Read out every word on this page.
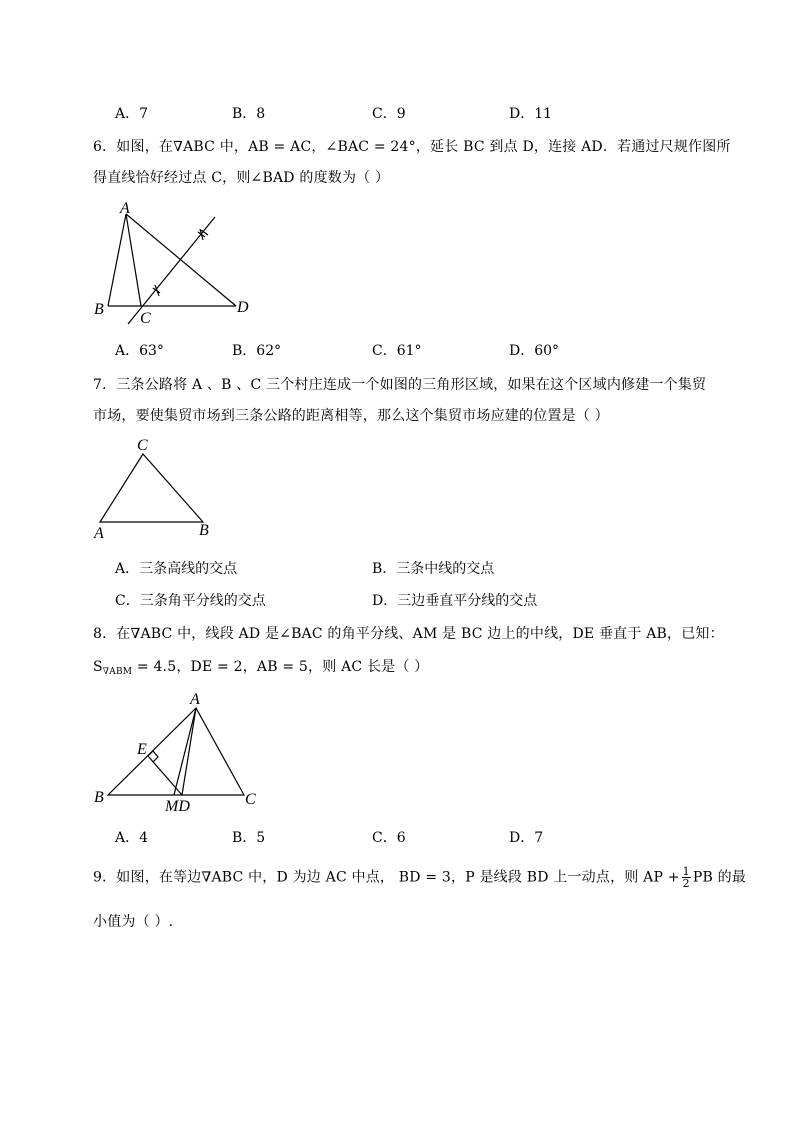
A．7	B．8	C．9	D．11
6．如图，在∇ABC 中，AB = AC，∠BAC = 24°，延长 BC 到点 D，连接 AD．若通过尺规作图所
得直线恰好经过点 C，则∠BAD 的度数为（ ）
A
B
C
D
A．63°	B．62°	C．61°	D．60°
7．三条公路将 A 、B 、C 三个村庄连成一个如图的三角形区域，如果在这个区域内修建一个集贸
市场，要使集贸市场到三条公路的距离相等，那么这个集贸市场应建的位置是（ ）
C
A	B
A．三条高线的交点	B．三条中线的交点
C．三条角平分线的交点	D．三边垂直平分线的交点
8．在∇ABC 中，线段 AD 是∠BAC 的角平分线、AM 是 BC 边上的中线，DE 垂直于 AB，已知：
$S_{\nabla ABM} = 4.5$，DE = 2，AB = 5，则 AC 长是（ ）
A
E
B
MD	C
A．4	B．5	C．6	D．7
9．如图，在等边∇ABC 中，D 为边 AC 中点， BD = 3，P 是线段 BD 上一动点，则 AP + $\frac{1}{2}$ PB 的最
小值为（ ）.
